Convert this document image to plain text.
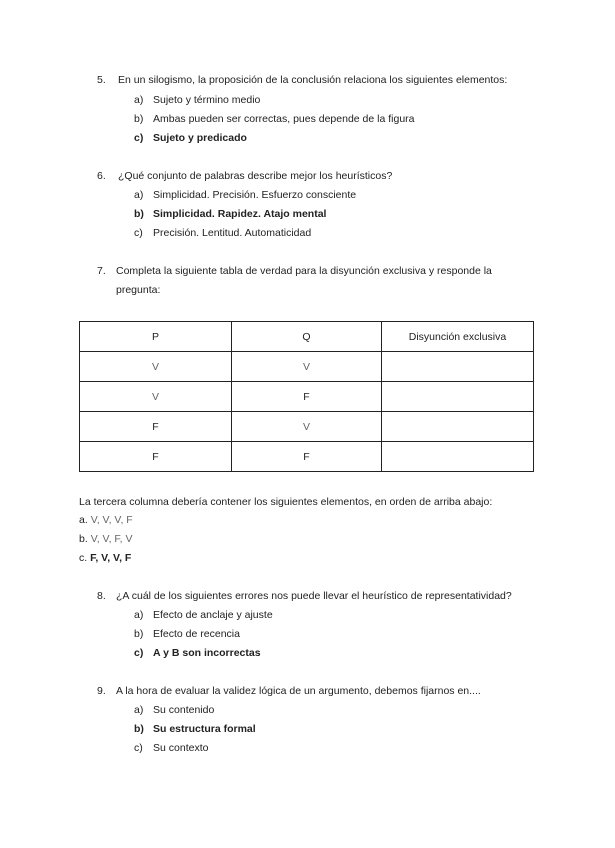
5. En un silogismo, la proposición de la conclusión relaciona los siguientes elementos:
a) Sujeto y término medio
b) Ambas pueden ser correctas, pues depende de la figura
c) Sujeto y predicado
6. ¿Qué conjunto de palabras describe mejor los heurísticos?
a) Simplicidad. Precisión. Esfuerzo consciente
b) Simplicidad. Rapidez. Atajo mental
c) Precisión. Lentitud. Automaticidad
7. Completa la siguiente tabla de verdad para la disyunción exclusiva y responde la
pregunta:
P	Q	Disyunción exclusiva
V	V	
V	F	
F	V	
F	F	
La tercera columna debería contener los siguientes elementos, en orden de arriba abajo:
a. V, V, V, F
b. V, V, F, V
c. F, V, V, F
8. ¿A cuál de los siguientes errores nos puede llevar el heurístico de representatividad?
a) Efecto de anclaje y ajuste
b) Efecto de recencia
c) A y B son incorrectas
9. A la hora de evaluar la validez lógica de un argumento, debemos fijarnos en....
a) Su contenido
b) Su estructura formal
c) Su contexto
